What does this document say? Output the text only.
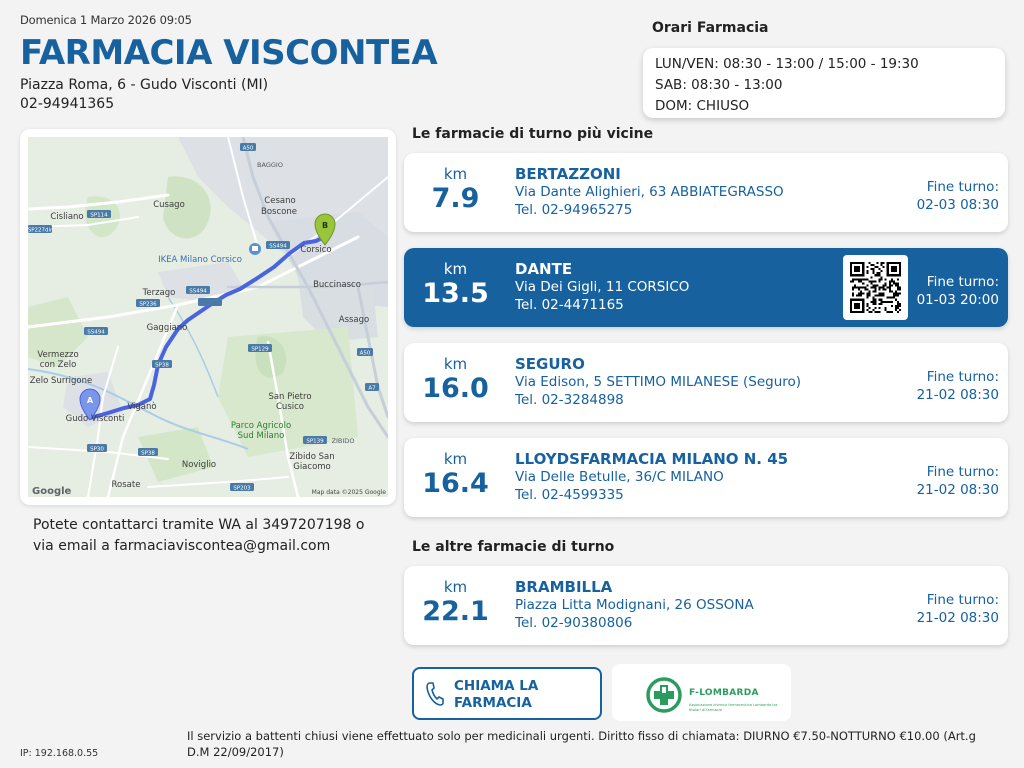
Domenica 1 Marzo 2026 09:05
FARMACIA VISCONTEA
Piazza Roma, 6 - Gudo Visconti (MI)
02-94941365
Orari Farmacia
LUN/VEN: 08:30 - 13:00 / 15:00 - 19:30
SAB: 08:30 - 13:00
DOM: CHIUSO
A50
SP114
SP227dir
SS494
SS494
SP236
SS494
SP129
SP38
A50
A7
SP139
SP30
SP38
SP203
BAGGIO
Cusago
Cisliano
Cesano
Boscone
IKEA Milano Corsico
Corsico
Buccinasco
Terzago
Gaggiano
Assago
Vermezzo
con Zelo
Zelo Surrigone
San Pietro
Cusico
Viganò
Gudo Visconti
Parco Agricolo
Sud Milano	ZIBIDO
Zibido San
Giacomo
Noviglio
Rosate
Google	Map data ©2025 Google
A
B
Potete contattarci tramite WA al 3497207198 o via email a farmaciaviscontea@gmail.com
Le farmacie di turno più vicine
km
7.9
BERTAZZONI
Via Dante Alighieri, 63 ABBIATEGRASSO
Tel. 02-94965275
Fine turno:
02-03 08:30
km
13.5
DANTE
Via Dei Gigli, 11 CORSICO
Tel. 02-4471165
Fine turno:
01-03 20:00
km
16.0
SEGURO
Via Edison, 5 SETTIMO MILANESE (Seguro)
Tel. 02-3284898
Fine turno:
21-02 08:30
km
16.4
LLOYDSFARMACIA MILANO N. 45
Via Delle Betulle, 36/C MILANO
Tel. 02-4599335
Fine turno:
21-02 08:30
Le altre farmacie di turno
km
22.1
BRAMBILLA
Piazza Litta Modignani, 26 OSSONA
Tel. 02-90380806
Fine turno:
21-02 08:30
CHIAMA LA FARMACIA
F-LOMBARDA
Associazione chimica farmaceutica Lombarda tra titolari di farmacia
Il servizio a battenti chiusi viene effettuato solo per medicinali urgenti. Diritto fisso di chiamata: DIURNO €7.50-NOTTURNO €10.00 (Art.g D.M 22/09/2017)
IP: 192.168.0.55
